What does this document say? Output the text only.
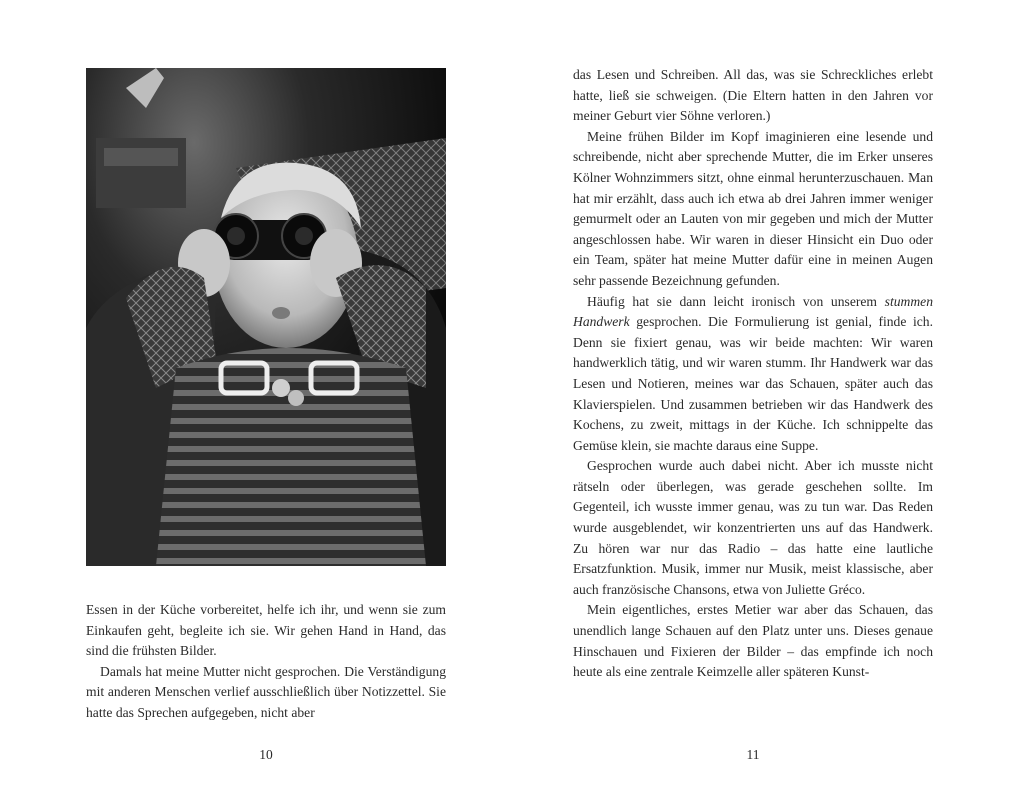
Essen in der Küche vorbereitet, helfe ich ihr, und wenn sie zum Einkaufen geht, begleite ich sie. Wir gehen Hand in Hand, das sind die frühsten Bilder.

Damals hat meine Mutter nicht gesprochen. Die Verständigung mit anderen Menschen verlief ausschließlich über Notizzettel. Sie hatte das Sprechen aufgegeben, nicht aber

10

das Lesen und Schreiben. All das, was sie Schreckliches erlebt hatte, ließ sie schweigen. (Die Eltern hatten in den Jahren vor meiner Geburt vier Söhne verloren.)

Meine frühen Bilder im Kopf imaginieren eine lesende und schreibende, nicht aber sprechende Mutter, die im Erker unseres Kölner Wohnzimmers sitzt, ohne einmal herunterzuschauen. Man hat mir erzählt, dass auch ich etwa ab drei Jahren immer weniger gemurmelt oder an Lauten von mir gegeben und mich der Mutter angeschlossen habe. Wir waren in dieser Hinsicht ein Duo oder ein Team, später hat meine Mutter dafür eine in meinen Augen sehr passende Bezeichnung gefunden.

Häufig hat sie dann leicht ironisch von unserem stummen Handwerk gesprochen. Die Formulierung ist genial, finde ich. Denn sie fixiert genau, was wir beide machten: Wir waren handwerklich tätig, und wir waren stumm. Ihr Handwerk war das Lesen und Notieren, meines war das Schauen, später auch das Klavierspielen. Und zusammen betrieben wir das Handwerk des Kochens, zu zweit, mittags in der Küche. Ich schnippelte das Gemüse klein, sie machte daraus eine Suppe.

Gesprochen wurde auch dabei nicht. Aber ich musste nicht rätseln oder überlegen, was gerade geschehen sollte. Im Gegenteil, ich wusste immer genau, was zu tun war. Das Reden wurde ausgeblendet, wir konzentrierten uns auf das Handwerk. Zu hören war nur das Radio – das hatte eine lautliche Ersatzfunktion. Musik, immer nur Musik, meist klassische, aber auch französische Chansons, etwa von Juliette Gréco.

Mein eigentliches, erstes Metier war aber das Schauen, das unendlich lange Schauen auf den Platz unter uns. Dieses genaue Hinschauen und Fixieren der Bilder – das empfinde ich noch heute als eine zentrale Keimzelle aller späteren Kunst-

11
